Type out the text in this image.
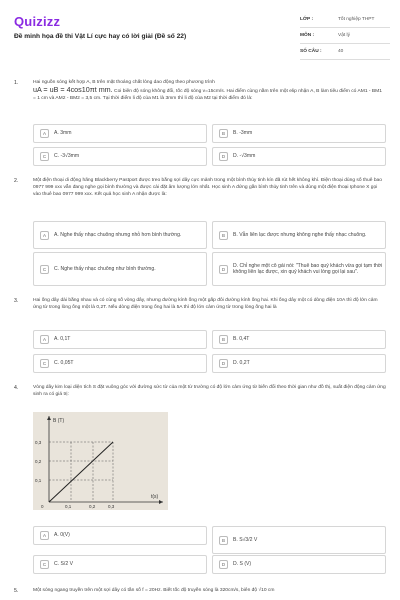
Quizizz
Đề minh họa đề thi Vật Lí cực hay có lời giải (Đề số 22)
LỚP :	Tốt nghiệp THPT
MÔN :	Vật lý
SỐ CÂU :	40
1.	Hai nguồn sóng kết hợp A, B trên mặt thoáng chất lỏng dao động theo phương trình
uA = uB = 4cos10πt mm. Coi biên độ sóng không đổi, tốc độ sóng v=15cm/s. Hai điểm cùng nằm trên một elip nhận A, B làm tiêu điểm có AM1 - BM1 = 1 cm và AM2 - BM2 = 3,5 cm. Tại thời điểm li độ của M1 là 3mm thì li độ của M2 tại thời điểm đó là:
A	A. 3mm	B	B. -3mm
C	C. -3√3mm	D	D. -√3mm
2.	Một điện thoại di động hãng Blackberry Pastport được treo bằng sợi dây cực mảnh trong một bình thủy tinh kín đã rút hết không khí. Điện thoại dùng số thuê bao 0977 999 xxx vẫn đang nghe gọi bình thường và được cài đặt âm lượng lớn nhất. Học sinh A đứng gần bình thủy tinh trên và dùng một điện thoại Iphone X gọi vào thuê bao 0977 999 xxx. Kết quả học sinh A nhận được là:
A	A. Nghe thấy nhạc chuông nhưng nhỏ hơn bình thường.	B	B. Vẫn liên lạc được nhưng không nghe thấy nhạc chuông.
C	C. Nghe thấy nhạc chuông như bình thường.	D
D. Chỉ nghe một cô gái nói: "Thuê bao quý khách vừa gọi tạm thời không liên lạc được, xin quý khách vui lòng gọi lại sau".
3.	Hai ống dây dài bằng nhau và có cùng số vòng dây, nhưng đường kính ống một gấp đôi đường kính ống hai. Khi ống dây một có dòng điện 10A thì độ lớn cảm ứng từ trong lòng ống một là 0,2T. Nếu dòng điện trong ống hai là 5A thì độ lớn cảm ứng từ trong lòng ống hai là
A	A. 0,1T	B	B. 0,4T
C	C. 0,05T	D	D. 0,2T
4.	Vòng dây kim loại diện tích S đặt vuông góc với đường sức từ của một từ trường có độ lớn cảm ứng từ biến đổi theo thời gian như đồ thị, suất điện động cảm ứng sinh ra có giá trị:
B (T)
t(s)
0
0,3
0,2
0,1
0,1	0,2	0,3
A	A. 0(V)
B	B. S√3/2 V
C	C. S/2 V	D	D. S (V)
5.	Một sóng ngang truyền trên một sợi dây có tần số f = 20Hz. Biết tốc độ truyền sóng là 320cm/s, biên độ √10 cm
